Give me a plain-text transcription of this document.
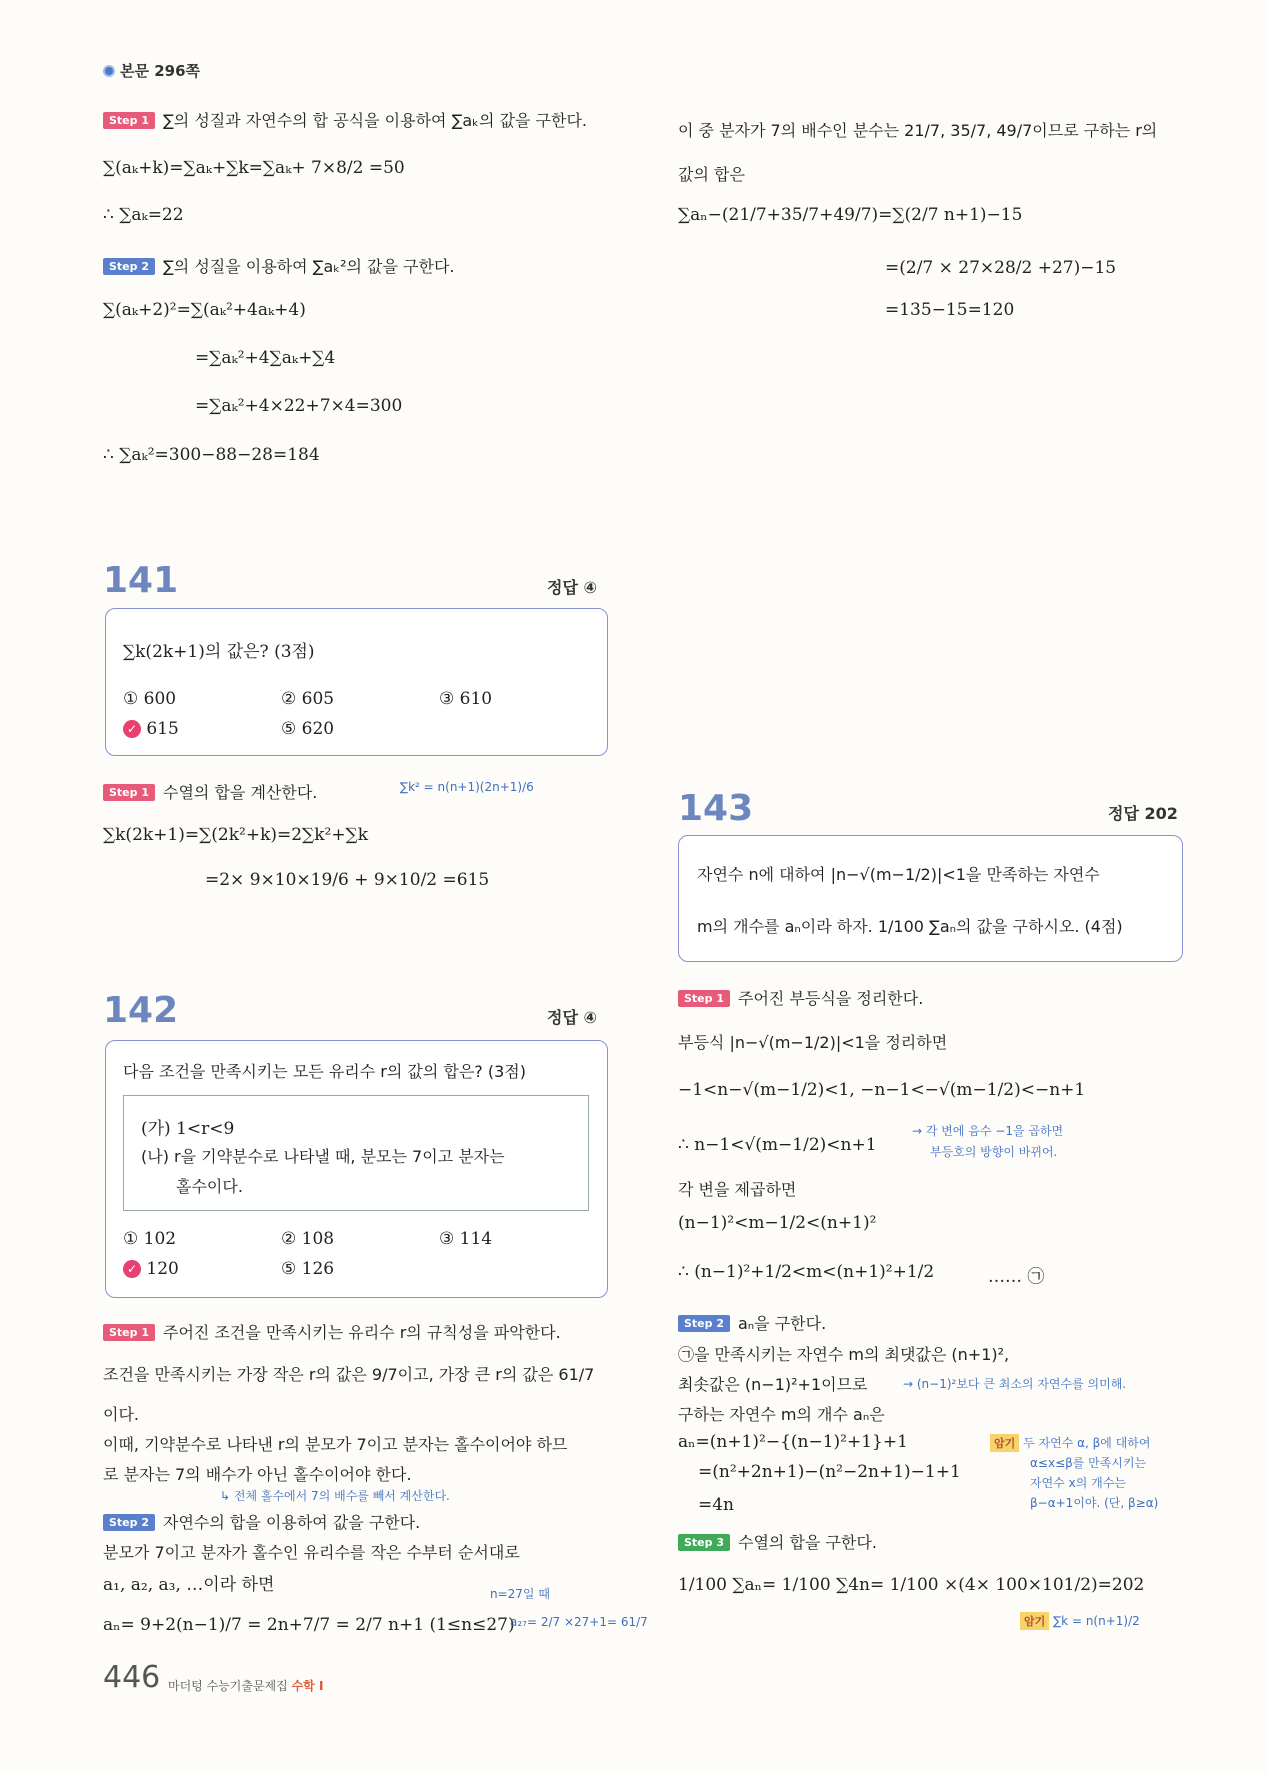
본문 296쪽
Step 1 ∑의 성질과 자연수의 합 공식을 이용하여 ∑aₖ의 값을 구한다.
∑(aₖ+k)=∑aₖ+∑k=∑aₖ+ 7×8/2 =50
∴ ∑aₖ=22
Step 2 ∑의 성질을 이용하여 ∑aₖ²의 값을 구한다.
∑(aₖ+2)²=∑(aₖ²+4aₖ+4)
=∑aₖ²+4∑aₖ+∑4
=∑aₖ²+4×22+7×4=300
∴ ∑aₖ²=300−88−28=184
이 중 분자가 7의 배수인 분수는 21/7, 35/7, 49/7이므로 구하는 r의
값의 합은
∑aₙ−(21/7+35/7+49/7)=∑(2/7 n+1)−15
=(2/7 × 27×28/2 +27)−15
=135−15=120
141	정답 ④
∑k(2k+1)의 값은? (3점)
① 600	② 605	③ 610
✓ 615	⑤ 620
Step 1 수열의 합을 계산한다.	∑k² = n(n+1)(2n+1)/6
∑k(2k+1)=∑(2k²+k)=2∑k²+∑k
=2× 9×10×19/6 + 9×10/2 =615
142	정답 ④
다음 조건을 만족시키는 모든 유리수 r의 값의 합은? (3점)
(가) 1<r<9
(나) r을 기약분수로 나타낼 때, 분모는 7이고 분자는
홀수이다.
① 102	② 108	③ 114
✓ 120	⑤ 126
Step 1 주어진 조건을 만족시키는 유리수 r의 규칙성을 파악한다.
조건을 만족시키는 가장 작은 r의 값은 9/7이고, 가장 큰 r의 값은 61/7
이다.
이때, 기약분수로 나타낸 r의 분모가 7이고 분자는 홀수이어야 하므
로 분자는 7의 배수가 아닌 홀수이어야 한다.
↳ 전체 홀수에서 7의 배수를 빼서 계산한다.
Step 2 자연수의 합을 이용하여 값을 구한다.
분모가 7이고 분자가 홀수인 유리수를 작은 수부터 순서대로
a₁, a₂, a₃, …이라 하면	n=27일 때
aₙ= 9+2(n−1)/7 = 2n+7/7 = 2/7 n+1 (1≤n≤27)
a₂₇= 2/7 ×27+1= 61/7
143	정답 202
자연수 n에 대하여 |n−√(m−1/2)|<1을 만족하는 자연수
m의 개수를 aₙ이라 하자. 1/100 ∑aₙ의 값을 구하시오. (4점)
Step 1 주어진 부등식을 정리한다.
부등식 |n−√(m−1/2)|<1을 정리하면
−1<n−√(m−1/2)<1, −n−1<−√(m−1/2)<−n+1
∴ n−1<√(m−1/2)<n+1
→ 각 변에 음수 −1을 곱하면
부등호의 방향이 바뀌어.
각 변을 제곱하면
(n−1)²<m−1/2<(n+1)²
∴ (n−1)²+1/2<m<(n+1)²+1/2	…… ㉠
Step 2 aₙ을 구한다.
㉠을 만족시키는 자연수 m의 최댓값은 (n+1)²,
최솟값은 (n−1)²+1이므로	→ (n−1)²보다 큰 최소의 자연수를 의미해.
구하는 자연수 m의 개수 aₙ은
aₙ=(n+1)²−{(n−1)²+1}+1
=(n²+2n+1)−(n²−2n+1)−1+1
=4n
암기 두 자연수 α, β에 대하여
α≤x≤β를 만족시키는
자연수 x의 개수는
β−α+1이야. (단, β≥α)
Step 3 수열의 합을 구한다.
1/100 ∑aₙ= 1/100 ∑4n= 1/100 ×(4× 100×101/2)=202
암기 ∑k = n(n+1)/2
446 마더텅 수능기출문제집 수학 I
